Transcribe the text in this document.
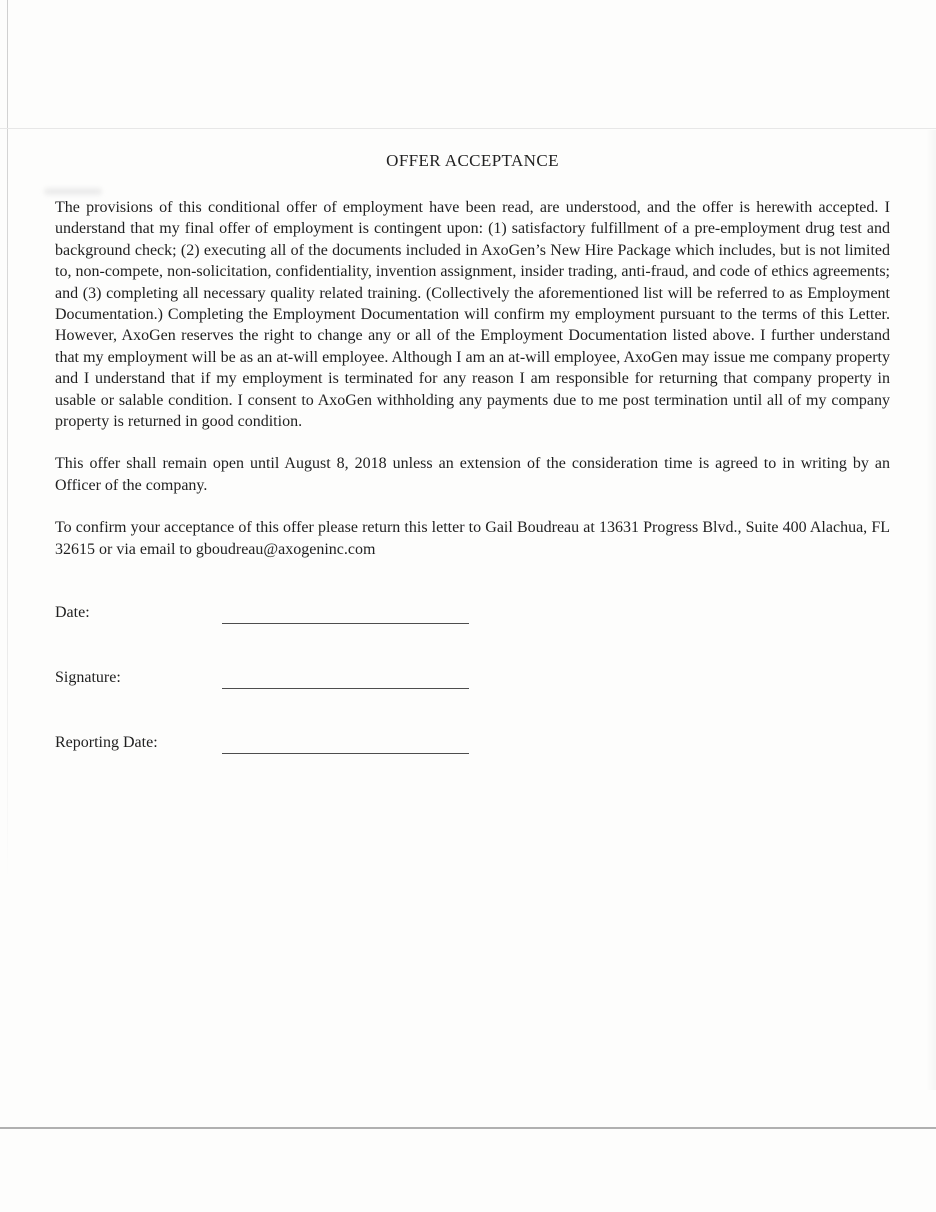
OFFER ACCEPTANCE

The provisions of this conditional offer of employment have been read, are understood, and the offer is herewith accepted. I understand that my final offer of employment is contingent upon: (1) satisfactory fulfillment of a pre-employment drug test and background check; (2) executing all of the documents included in AxoGen’s New Hire Package which includes, but is not limited to, non-compete, non-solicitation, confidentiality, invention assignment, insider trading, anti-fraud, and code of ethics agreements; and (3) completing all necessary quality related training. (Collectively the aforementioned list will be referred to as Employment Documentation.) Completing the Employment Documentation will confirm my employment pursuant to the terms of this Letter. However, AxoGen reserves the right to change any or all of the Employment Documentation listed above. I further understand that my employment will be as an at-will employee. Although I am an at-will employee, AxoGen may issue me company property and I understand that if my employment is terminated for any reason I am responsible for returning that company property in usable or salable condition. I consent to AxoGen withholding any payments due to me post termination until all of my company property is returned in good condition.

This offer shall remain open until August 8, 2018 unless an extension of the consideration time is agreed to in writing by an Officer of the company.

To confirm your acceptance of this offer please return this letter to Gail Boudreau at 13631 Progress Blvd., Suite 400 Alachua, FL 32615 or via email to gboudreau@axogeninc.com

Date:
Signature:
Reporting Date:
